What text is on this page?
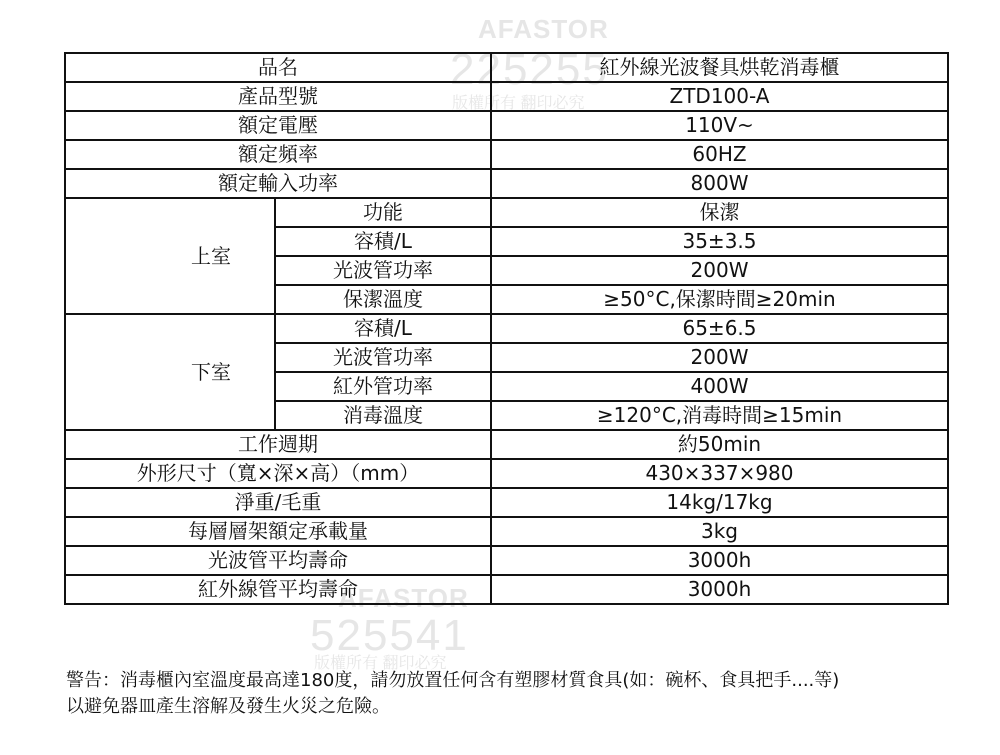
AFASTOR
225255
版權所有 翻印必究
AFASTOR
525541
版權所有 翻印必究
品名		紅外線光波餐具烘乾消毒櫃
產品型號		ZTD100-A
額定電壓		110V~
額定頻率		60HZ
額定輸入功率		800W
上室	功能	保潔
	容積/L	35±3.5
	光波管功率	200W
	保潔溫度	≥50°C,保潔時間≥20min
下室	容積/L	65±6.5
	光波管功率	200W
	紅外管功率	400W
	消毒溫度	≥120°C,消毒時間≥15min
工作週期		約50min
外形尺寸（寬×深×高）（mm）		430×337×980
淨重/毛重		14kg/17kg
每層層架額定承載量		3kg
光波管平均壽命		3000h
紅外線管平均壽命		3000h

警告：消毒櫃內室溫度最高達180度，請勿放置任何含有塑膠材質食具(如：碗杯、食具把手....等)

以避免器皿產生溶解及發生火災之危險。
